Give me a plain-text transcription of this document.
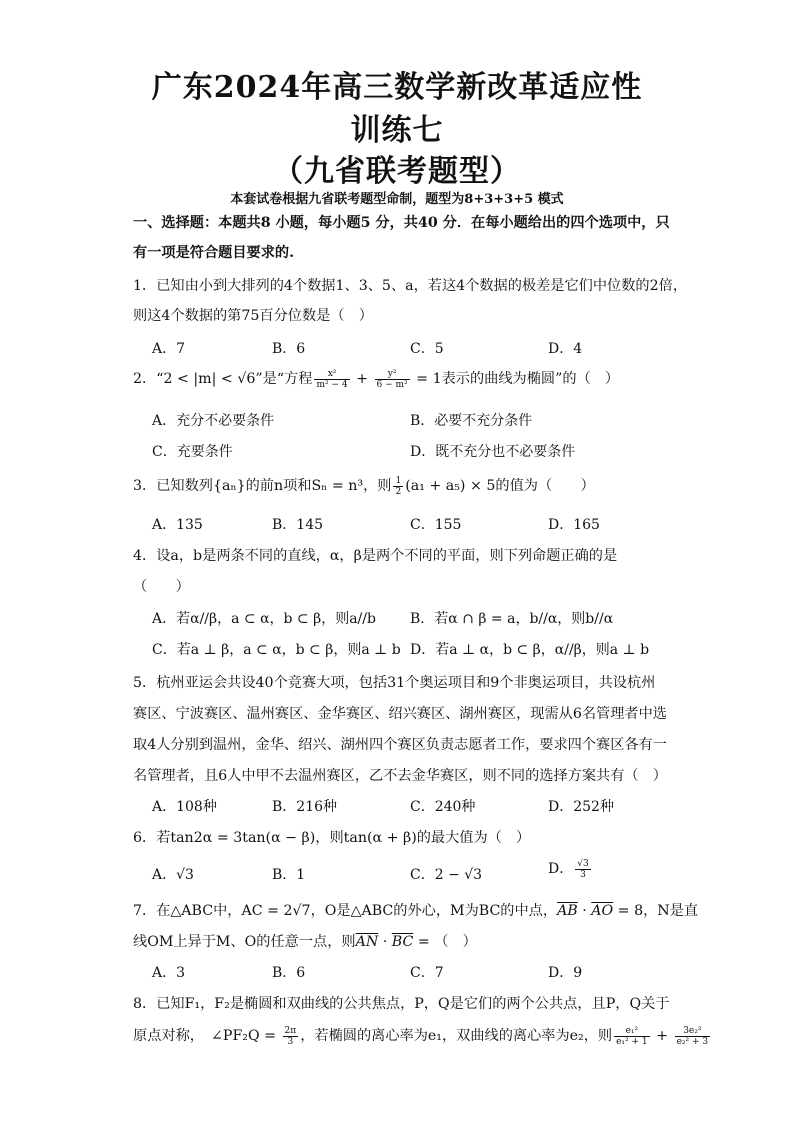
广东2024年高三数学新改革适应性
训练七
（九省联考题型）
本套试卷根据九省联考题型命制，题型为8+3+3+5 模式
一、选择题：本题共8 小题，每小题5 分，共40 分．在每小题给出的四个选项中，只
有一项是符合题目要求的.
1．已知由小到大排列的4个数据1、3、5、a，若这4个数据的极差是它们中位数的2倍，
则这4个数据的第75百分位数是（　）
A．7	B．6	C．5	D．4
2．“2 < |m| < √6”是“方程 $\frac{\text{x²}}{\text{m² − 4}} + \frac{\text{y²}}{\text{6 − m²}} = 1$表示的曲线为椭圆”的（　）
A．充分不必要条件	B．必要不充分条件
C．充要条件	D．既不充分也不必要条件
3．已知数列{aₙ}的前n项和Sₙ = n³，则 $\frac{1}{2} (a_1 + a_5) \times 5$的值为（　　）
A．135	B．145	C．155	D．165
4．设a，b是两条不同的直线，α，β是两个不同的平面，则下列命题正确的是
（　　）
A．若α//β，a ⊂ α，b ⊂ β，则a//b B．若α ∩ β = a，b//α，则b//α
C．若a ⊥ β，a ⊂ α，b ⊂ β，则a ⊥ b D．若a ⊥ α，b ⊂ β，α//β，则a ⊥ b
5．杭州亚运会共设40个竞赛大项，包括31个奥运项目和9个非奥运项目，共设杭州
赛区、宁波赛区、温州赛区、金华赛区、绍兴赛区、湖州赛区，现需从6名管理者中选
取4人分别到温州，金华、绍兴、湖州四个赛区负责志愿者工作，要求四个赛区各有一
名管理者，且6人中甲不去温州赛区，乙不去金华赛区，则不同的选择方案共有（　）
A．108种	B．216种	C．240种	D．252种
6．若tan2α = 3tan(α − β)，则tan(α + β)的最大值为（　）
A．√3	B．1	C．2 − √3	D． $\frac{√3}{3}$
7．在△ABC中，AC = 2√7，O是△ABC的外心，M为BC的中点，$\overline{AB} \cdot \overline{AO} = 8$，N是直
线OM上异于M、O的任意一点，则$\overline{AN} \cdot \overline{BC}$ = （　）
A．3	B．6	C．7	D．9
8．已知F₁，F₂是椭圆和双曲线的公共焦点，P，Q是它们的两个公共点，且P，Q关于
原点对称，　∠PF₂Q = $\frac{2\pi}{3}$ ，若椭圆的离心率为e₁，双曲线的离心率为e₂，则 $\frac{\text{e₁²}}{\text{e₁² + 1}} + \frac{\text{3e₂²}}{\text{e₂² + 3}}$
